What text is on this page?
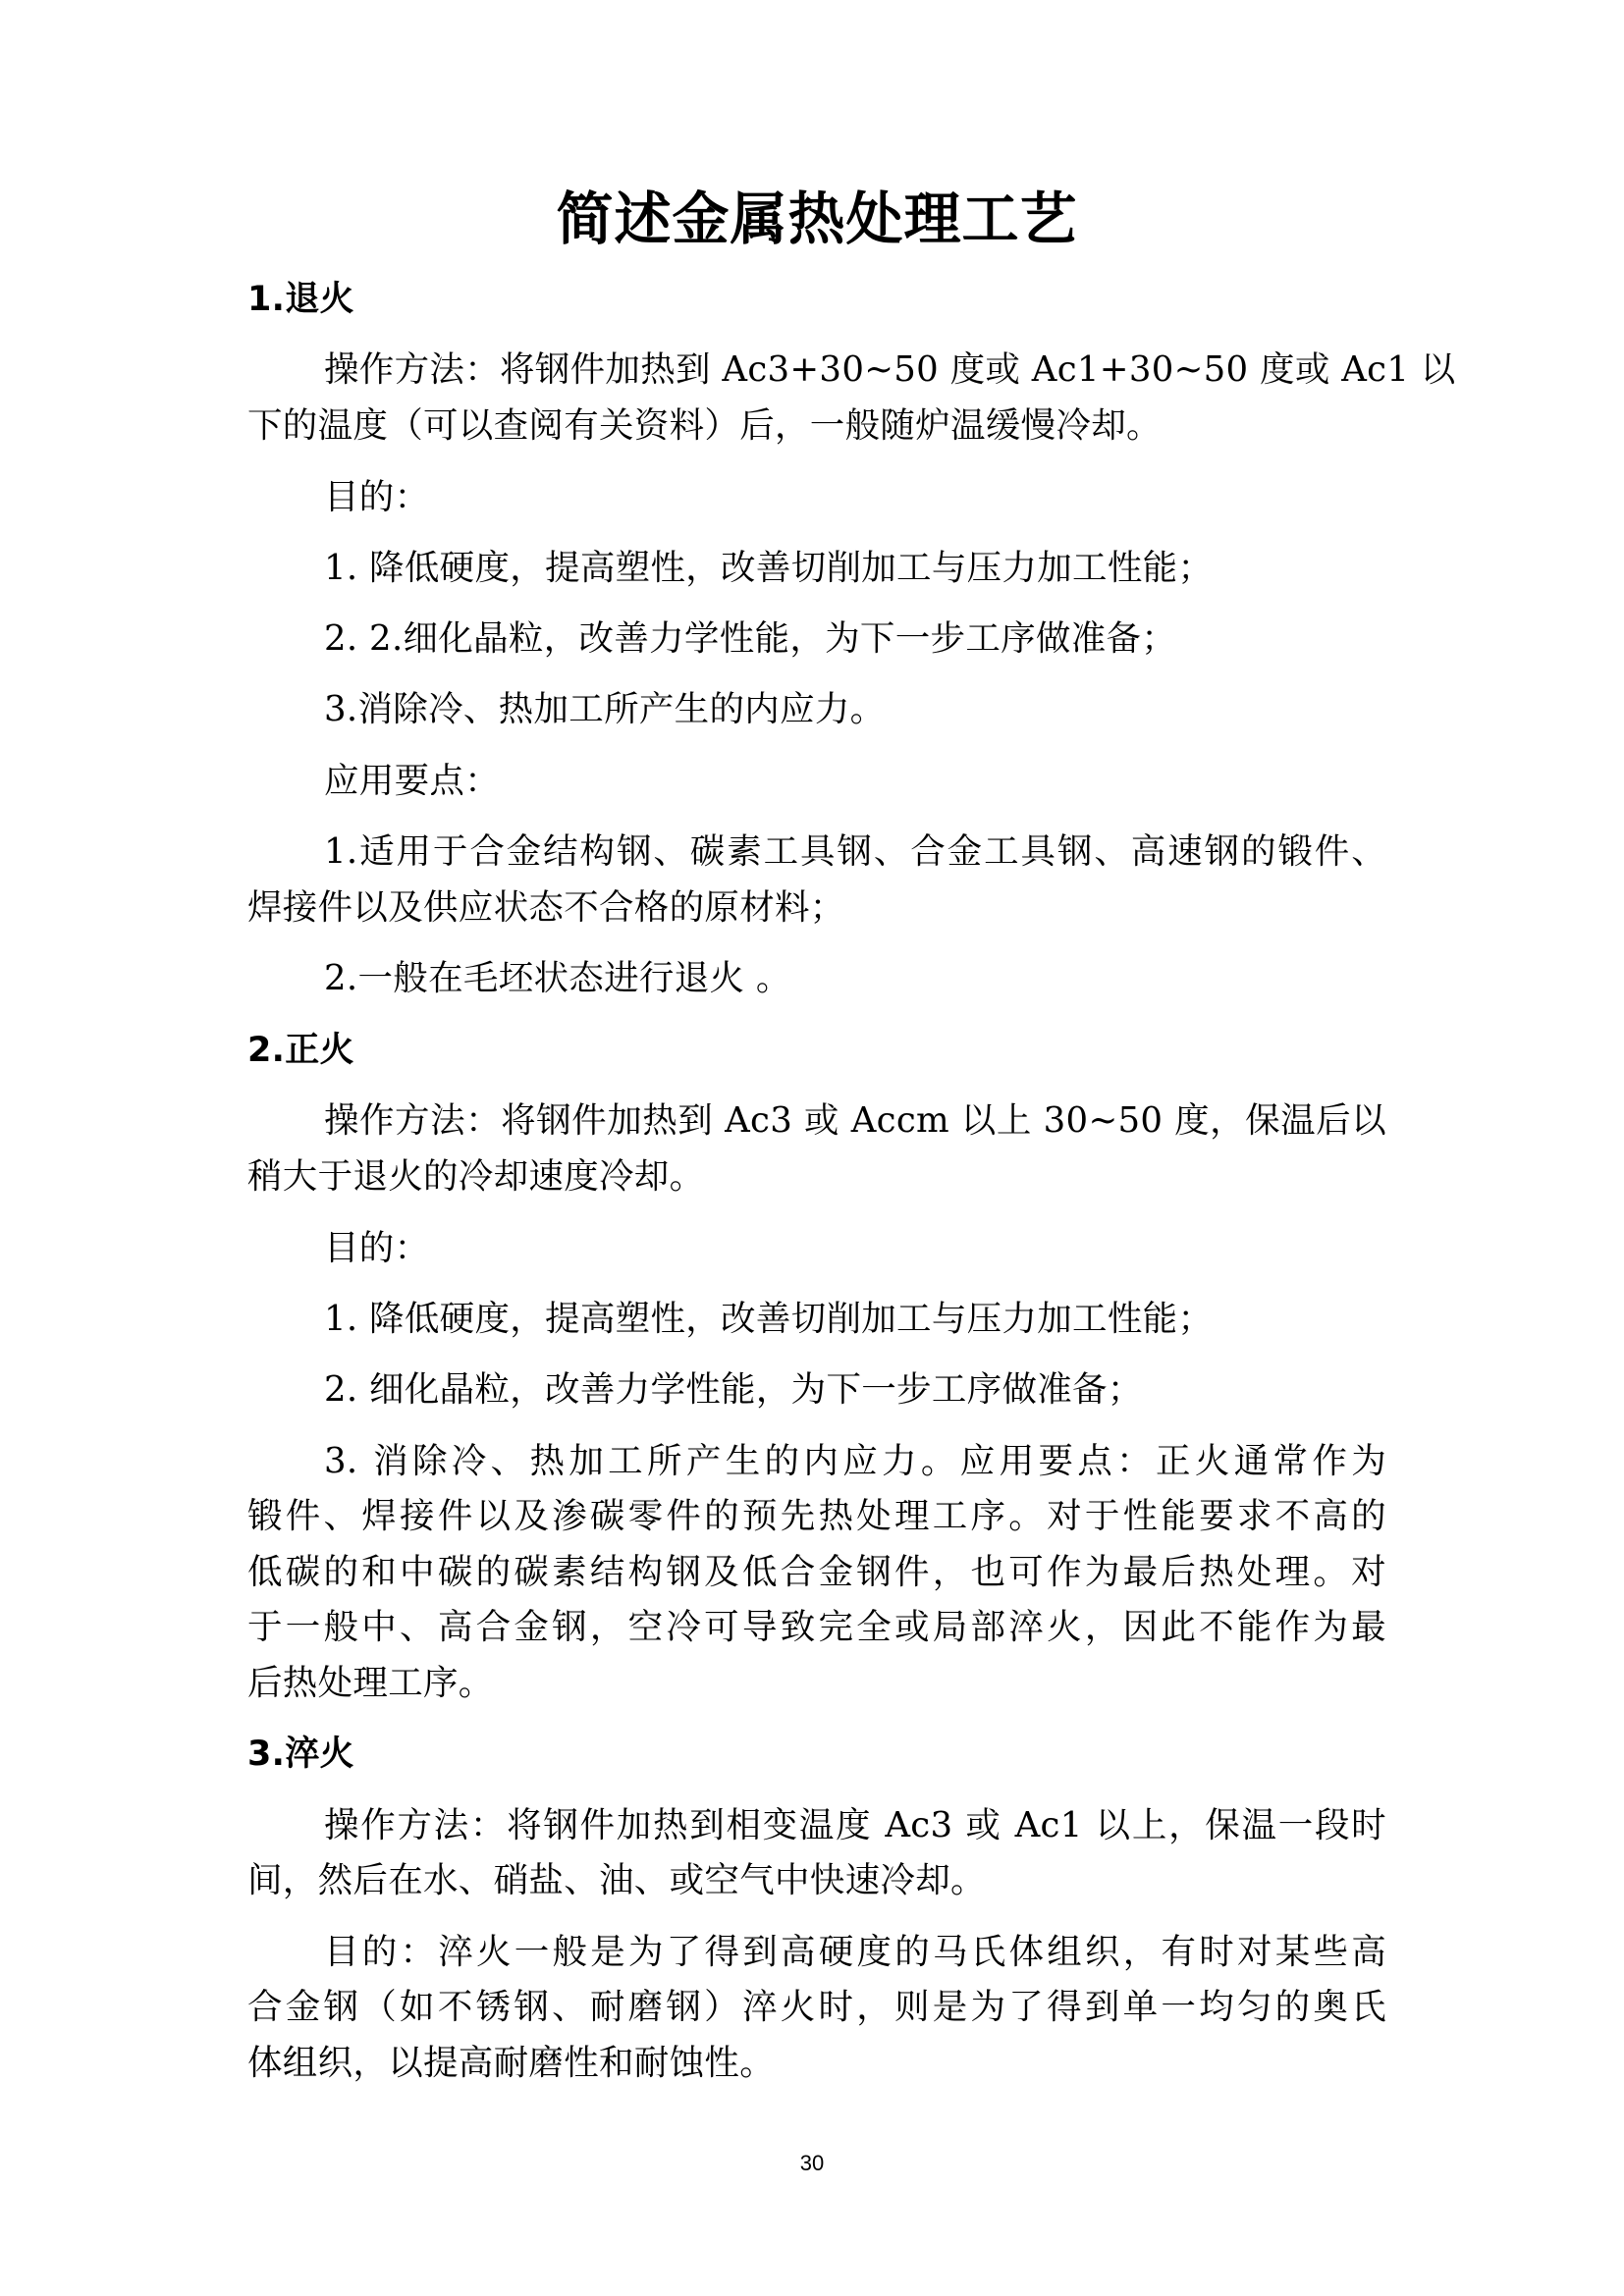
简述金属热处理工艺
1.退火
操作方法：将钢件加热到 Ac3+30~50 度或 Ac1+30~50 度或 Ac1 以
下的温度（可以查阅有关资料）后，一般随炉温缓慢冷却。
目的：
1. 降低硬度，提高塑性，改善切削加工与压力加工性能；
2. 2.细化晶粒，改善力学性能，为下一步工序做准备；
3.消除冷、热加工所产生的内应力。
应用要点：
1.适用于合金结构钢、碳素工具钢、合金工具钢、高速钢的锻件、
焊接件以及供应状态不合格的原材料；
2.一般在毛坯状态进行退火 。
2.正火
操作方法：将钢件加热到 Ac3 或 Accm 以上 30~50 度，保温后以
稍大于退火的冷却速度冷却。
目的：
1. 降低硬度，提高塑性，改善切削加工与压力加工性能；
2. 细化晶粒，改善力学性能，为下一步工序做准备；
3. 消除冷、热加工所产生的内应力。应用要点：正火通常作为
锻件、焊接件以及渗碳零件的预先热处理工序。对于性能要求不高的
低碳的和中碳的碳素结构钢及低合金钢件，也可作为最后热处理。对
于一般中、高合金钢，空冷可导致完全或局部淬火，因此不能作为最
后热处理工序。
3.淬火
操作方法：将钢件加热到相变温度 Ac3 或 Ac1 以上，保温一段时
间，然后在水、硝盐、油、或空气中快速冷却。
目的：淬火一般是为了得到高硬度的马氏体组织，有时对某些高
合金钢（如不锈钢、耐磨钢）淬火时，则是为了得到单一均匀的奥氏
体组织，以提高耐磨性和耐蚀性。
30
